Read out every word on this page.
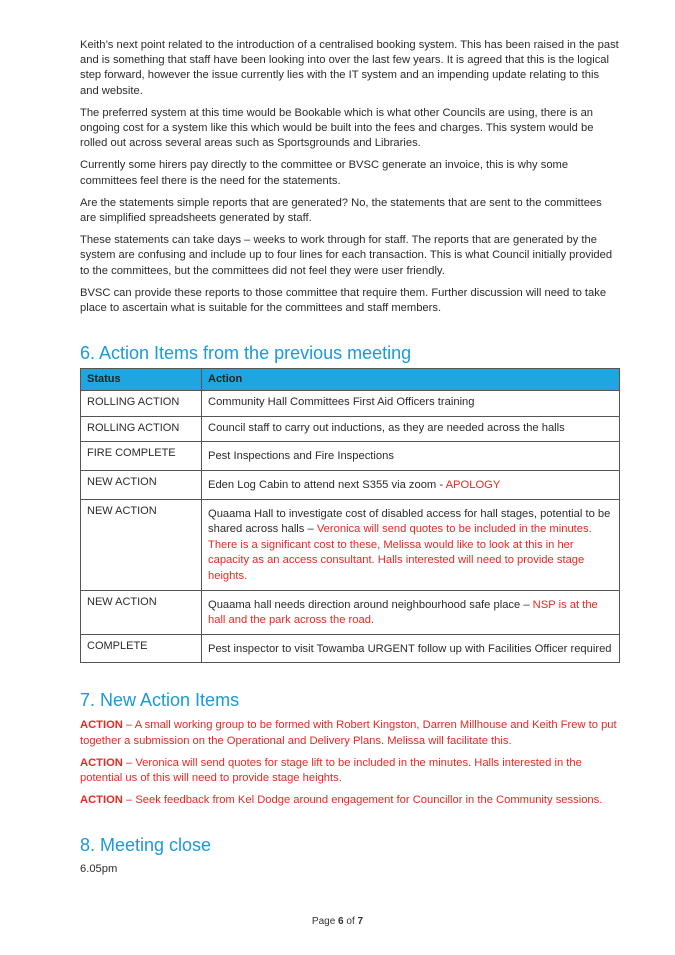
Keith’s next point related to the introduction of a centralised booking system. This has been raised in the past and is something that staff have been looking into over the last few years. It is agreed that this is the logical step forward, however the issue currently lies with the IT system and an impending update relating to this and website.

The preferred system at this time would be Bookable which is what other Councils are using, there is an ongoing cost for a system like this which would be built into the fees and charges. This system would be rolled out across several areas such as Sportsgrounds and Libraries.

Currently some hirers pay directly to the committee or BVSC generate an invoice, this is why some committees feel there is the need for the statements.

Are the statements simple reports that are generated? No, the statements that are sent to the committees are simplified spreadsheets generated by staff.

These statements can take days – weeks to work through for staff. The reports that are generated by the system are confusing and include up to four lines for each transaction. This is what Council initially provided to the committees, but the committees did not feel they were user friendly.

BVSC can provide these reports to those committee that require them. Further discussion will need to take place to ascertain what is suitable for the committees and staff members.

6. Action Items from the previous meeting
Status	Action
ROLLING ACTION	Community Hall Committees First Aid Officers training
ROLLING ACTION	Council staff to carry out inductions, as they are needed across the halls
FIRE COMPLETE	Pest Inspections and Fire Inspections

NEW ACTION	Eden Log Cabin to attend next S355 via zoom - APOLOGY

NEW ACTION	Quaama Hall to investigate cost of disabled access for hall stages, potential to be shared across halls – Veronica will send quotes to be included in the minutes. There is a significant cost to these, Melissa would like to look at this in her capacity as an access consultant. Halls interested will need to provide stage heights.

NEW ACTION	Quaama hall needs direction around neighbourhood safe place – NSP is at the hall and the park across the road.

COMPLETE	Pest inspector to visit Towamba URGENT follow up with Facilities Officer required
7. New Action Items

ACTION – A small working group to be formed with Robert Kingston, Darren Millhouse and Keith Frew to put together a submission on the Operational and Delivery Plans. Melissa will facilitate this.

ACTION – Veronica will send quotes for stage lift to be included in the minutes. Halls interested in the potential us of this will need to provide stage heights.

ACTION – Seek feedback from Kel Dodge around engagement for Councillor in the Community sessions.

8. Meeting close

6.05pm

Page 6 of 7
